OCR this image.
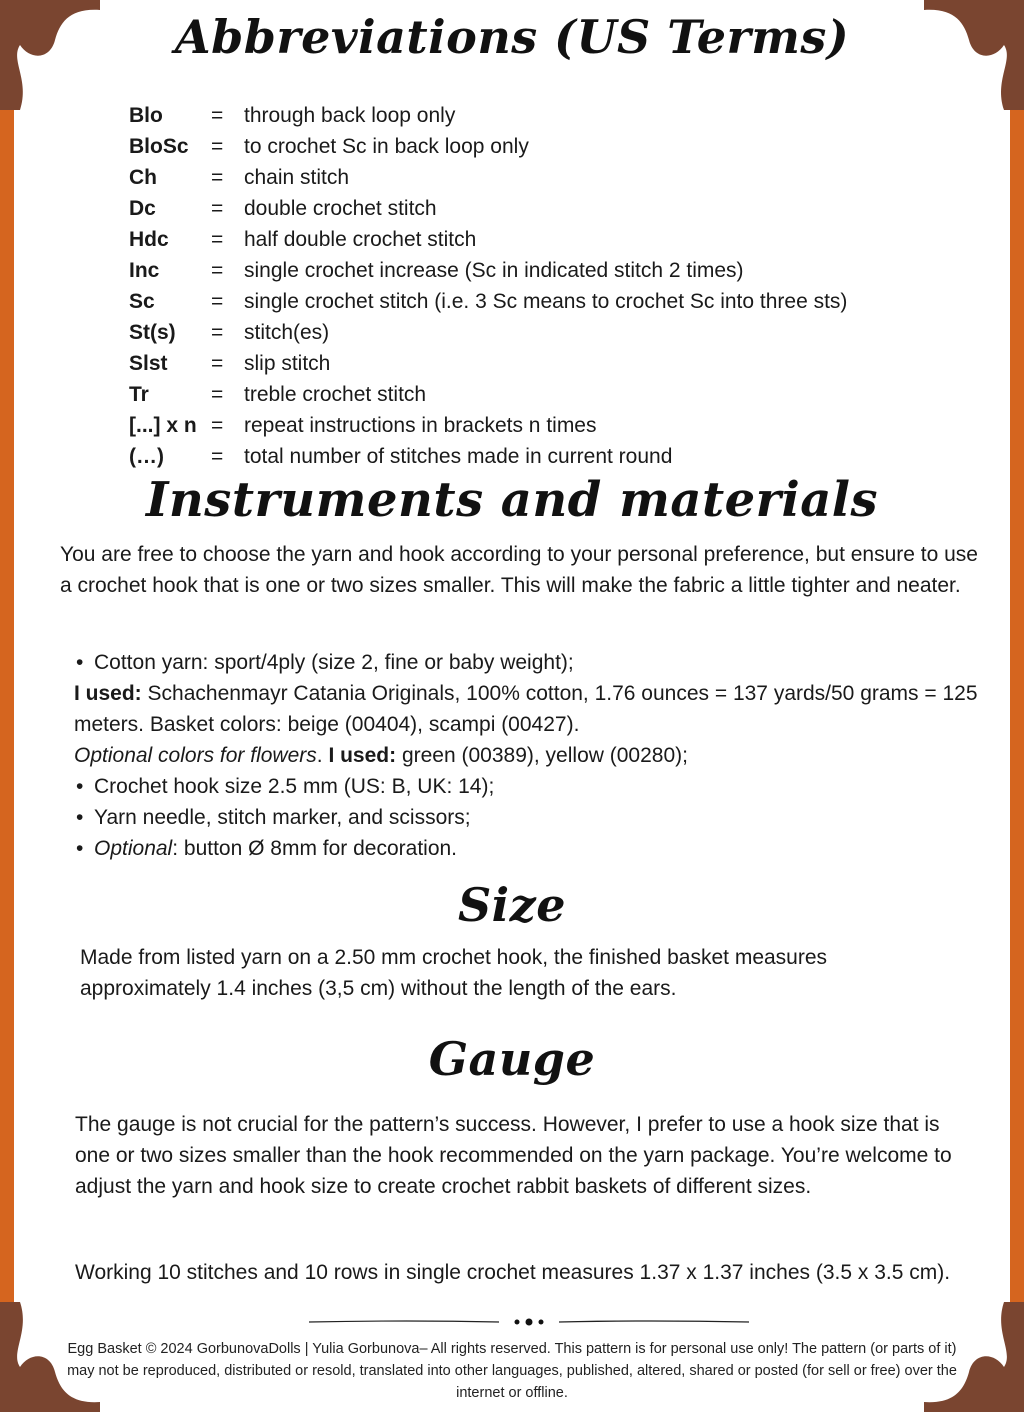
Abbreviations (US Terms)
Blo	= through back loop only
BloSc	= to crochet Sc in back loop only
Ch	= chain stitch
Dc	= double crochet stitch
Hdc	= half double crochet stitch
Inc	= single crochet increase (Sc in indicated stitch 2 times)
Sc	= single crochet stitch (i.e. 3 Sc means to crochet Sc into three sts)
St(s)	= stitch(es)
Slst	= slip stitch
Tr	= treble crochet stitch
[...] x n = repeat instructions in brackets n times
(…)	= total number of stitches made in current round
Instruments and materials

You are free to choose the yarn and hook according to your personal preference, but ensure to use a crochet hook that is one or two sizes smaller. This will make the fabric a little tighter and neater.

• Cotton yarn: sport/4ply (size 2, fine or baby weight);
I used: Schachenmayr Catania Originals, 100% cotton, 1.76 ounces = 137 yards/50 grams = 125 meters. Basket colors: beige (00404), scampi (00427).
Optional colors for flowers. I used: green (00389), yellow (00280);
• Crochet hook size 2.5 mm (US: B, UK: 14);
• Yarn needle, stitch marker, and scissors;
• Optional: button Ø 8mm for decoration.
Size

Made from listed yarn on a 2.50 mm crochet hook, the finished basket measures approximately 1.4 inches (3,5 cm) without the length of the ears.

Gauge

The gauge is not crucial for the pattern’s success. However, I prefer to use a hook size that is one or two sizes smaller than the hook recommended on the yarn package. You’re welcome to adjust the yarn and hook size to create crochet rabbit baskets of different sizes.

Working 10 stitches and 10 rows in single crochet measures 1.37 x 1.37 inches (3.5 x 3.5 cm).

Egg Basket © 2024 GorbunovaDolls | Yulia Gorbunova– All rights reserved. This pattern is for personal use only! The pattern (or parts of it) may not be reproduced, distributed or resold, translated into other languages, published, altered, shared or posted (for sell or free) over the internet or offline.
